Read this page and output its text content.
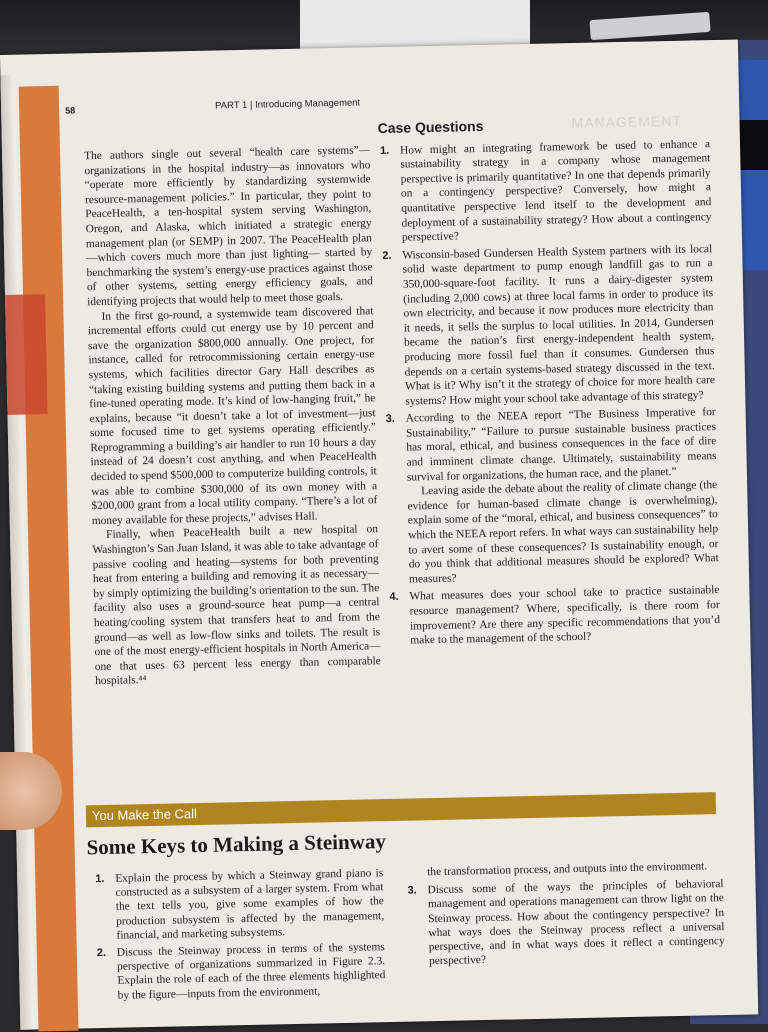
MANAGEMENT
58	PART 1 | Introducing Management

The authors single out several “health care systems”— organizations in the hospital industry—as innovators who “operate more efficiently by standardizing systemwide resource-management policies.” In particular, they point to PeaceHealth, a ten-hospital system serving Washington, Oregon, and Alaska, which initiated a strategic energy management plan (or SEMP) in 2007. The PeaceHealth plan—which covers much more than just lighting— started by benchmarking the system’s energy-use practices against those of other systems, setting energy efficiency goals, and identifying projects that would help to meet those goals.

In the first go-round, a systemwide team discovered that incremental efforts could cut energy use by 10 percent and save the organization $800,000 annually. One project, for instance, called for retrocommissioning certain energy-use systems, which facilities director Gary Hall describes as “taking existing building systems and putting them back in a fine-tuned operating mode. It’s kind of low-hanging fruit,” he explains, because “it doesn’t take a lot of investment—just some focused time to get systems operating efficiently.” Reprogramming a building’s air handler to run 10 hours a day instead of 24 doesn’t cost anything, and when PeaceHealth decided to spend $500,000 to computerize building controls, it was able to combine $300,000 of its own money with a $200,000 grant from a local utility company. “There’s a lot of money available for these projects,” advises Hall.

Finally, when PeaceHealth built a new hospital on Washington’s San Juan Island, it was able to take advantage of passive cooling and heating—systems for both preventing heat from entering a building and removing it as necessary—by simply optimizing the building’s orientation to the sun. The facility also uses a ground-source heat pump—a central heating/cooling system that transfers heat to and from the ground—as well as low-flow sinks and toilets. The result is one of the most energy-efficient hospitals in North America—one that uses 63 percent less energy than comparable hospitals.⁴⁴

Case Questions
1. How might an integrating framework be used to enhance a sustainability strategy in a company whose management perspective is primarily quantitative? In one that depends primarily on a contingency perspective? Conversely, how might a quantitative perspective lend itself to the development and deployment of a sustainability strategy? How about a contingency perspective?
2. Wisconsin-based Gundersen Health System partners with its local solid waste department to pump enough landfill gas to run a 350,000-square-foot facility. It runs a dairy-digester system (including 2,000 cows) at three local farms in order to produce its own electricity, and because it now produces more electricity than it needs, it sells the surplus to local utilities. In 2014, Gundersen became the nation’s first energy-independent health system, producing more fossil fuel than it consumes. Gundersen thus depends on a certain systems-based strategy discussed in the text. What is it? Why isn’t it the strategy of choice for more health care systems? How might your school take advantage of this strategy?
3. According to the NEEA report “The Business Imperative for Sustainability,” “Failure to pursue sustainable business practices has moral, ethical, and business consequences in the face of dire and imminent climate change. Ultimately, sustainability means survival for organizations, the human race, and the planet.”

Leaving aside the debate about the reality of climate change (the evidence for human-based climate change is overwhelming), explain some of the “moral, ethical, and business consequences” to which the NEEA report refers. In what ways can sustainability help to avert some of these consequences? Is sustainability enough, or do you think that additional measures should be explored? What measures?

4. What measures does your school take to practice sustainable resource management? Where, specifically, is there room for improvement? Are there any specific recommendations that you’d make to the management of the school?
You Make the Call
Some Keys to Making a Steinway
1. Explain the process by which a Steinway grand piano is constructed as a subsystem of a larger system. From what the text tells you, give some examples of how the production subsystem is affected by the management, financial, and marketing subsystems.
2. Discuss the Steinway process in terms of the systems perspective of organizations summarized in Figure 2.3. Explain the role of each of the three elements highlighted by the figure—inputs from the environment,
the transformation process, and outputs into the environment.
3. Discuss some of the ways the principles of behavioral management and operations management can throw light on the Steinway process. How about the contingency perspective? In what ways does the Steinway process reflect a universal perspective, and in what ways does it reflect a contingency perspective?
